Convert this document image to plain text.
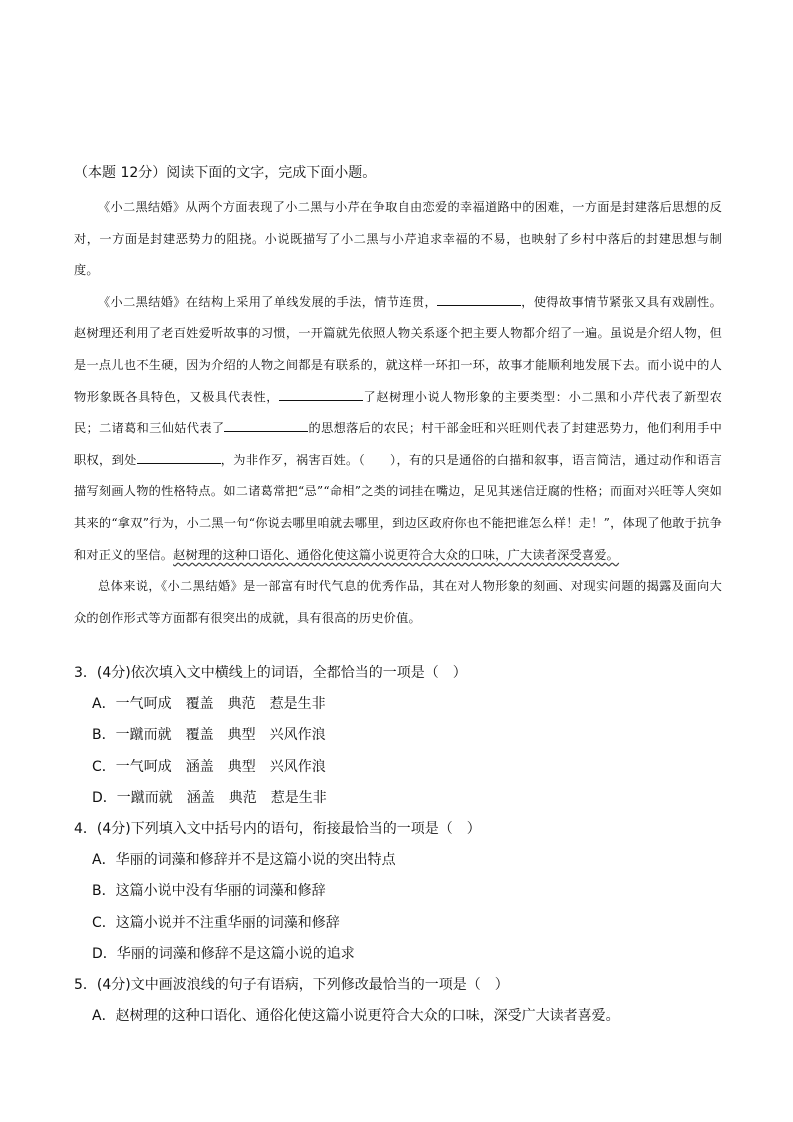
（本题 12分）阅读下面的文字，完成下面小题。

《小二黑结婚》从两个方面表现了小二黑与小芹在争取自由恋爱的幸福道路中的困难，一方面是封建落后思想的反对，一方面是封建恶势力的阻挠。小说既描写了小二黑与小芹追求幸福的不易，也映射了乡村中落后的封建思想与制度。

《小二黑结婚》在结构上采用了单线发展的手法，情节连贯，	，使得故事情节紧张又具有戏剧性。赵树理还利用了老百姓爱听故事的习惯，一开篇就先依照人物关系逐个把主要人物都介绍了一遍。虽说是介绍人物，但是一点儿也不生硬，因为介绍的人物之间都是有联系的，就这样一环扣一环，故事才能顺利地发展下去。而小说中的人物形象既各具特色，又极具代表性，	了赵树理小说人物形象的主要类型：小二黑和小芹代表了新型农民；二诸葛和三仙姑代表了	的思想落后的农民；村干部金旺和兴旺则代表了封建恶势力，他们利用手中职权，到处	，为非作歹，祸害百姓。（　　），有的只是通俗的白描和叙事，语言简洁，通过动作和语言描写刻画人物的性格特点。如二诸葛常把“忌”“命相”之类的词挂在嘴边，足见其迷信迂腐的性格；而面对兴旺等人突如其来的“拿双”行为，小二黑一句“你说去哪里咱就去哪里，到边区政府你也不能把谁怎么样！走！”，体现了他敢于抗争和对正义的坚信。赵树理的这种口语化、通俗化使这篇小说更符合大众的口味，广大读者深受喜爱。

总体来说，《小二黑结婚》是一部富有时代气息的优秀作品，其在对人物形象的刻画、对现实问题的揭露及面向大众的创作形式等方面都有很突出的成就，具有很高的历史价值。

3．(4分)依次填入文中横线上的词语，全都恰当的一项是（　）
A．一气呵成　覆盖　典范　惹是生非
B．一蹴而就　覆盖　典型　兴风作浪
C．一气呵成　涵盖　典型　兴风作浪
D．一蹴而就　涵盖　典范　惹是生非
4．(4分)下列填入文中括号内的语句，衔接最恰当的一项是（　）
A．华丽的词藻和修辞并不是这篇小说的突出特点
B．这篇小说中没有华丽的词藻和修辞
C．这篇小说并不注重华丽的词藻和修辞
D．华丽的词藻和修辞不是这篇小说的追求
5．(4分)文中画波浪线的句子有语病，下列修改最恰当的一项是（　）
A．赵树理的这种口语化、通俗化使这篇小说更符合大众的口味，深受广大读者喜爱。
